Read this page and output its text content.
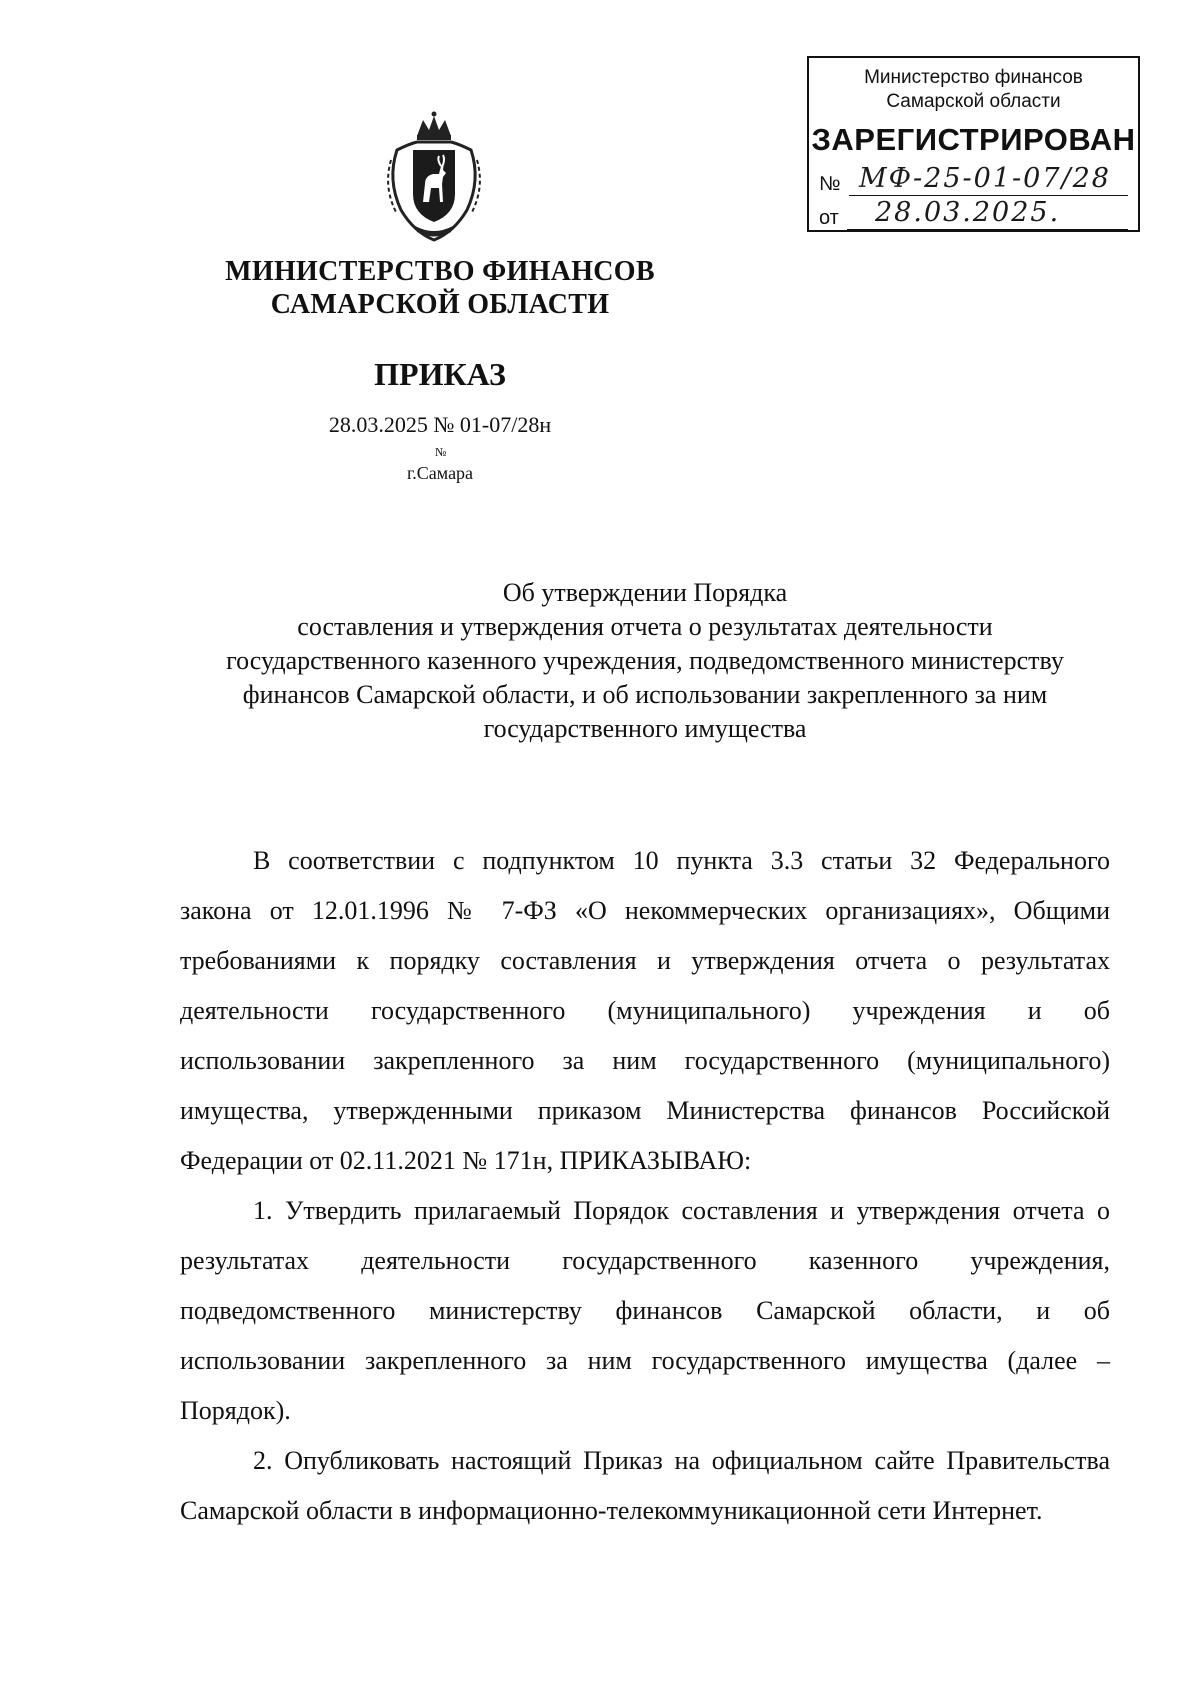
Министерство финансов
Самарской области
ЗАРЕГИСТРИРОВАН
№ МФ-25-01-07/28
от 28.03.2025.
МИНИСТЕРСТВО ФИНАНСОВ
САМАРСКОЙ ОБЛАСТИ
ПРИКАЗ
28.03.2025 № 01-07/28н
№
г.Самара
Об утверждении Порядка
составления и утверждения отчета о результатах деятельности
государственного казенного учреждения, подведомственного министерству
финансов Самарской области, и об использовании закрепленного за ним
государственного имущества
В соответствии с подпунктом 10 пункта 3.3 статьи 32 Федерального
закона от 12.01.1996 № 7-ФЗ «О некоммерческих организациях», Общими
требованиями к порядку составления и утверждения отчета о результатах
деятельности государственного (муниципального) учреждения и об
использовании закрепленного за ним государственного (муниципального)
имущества, утвержденными приказом Министерства финансов Российской
Федерации от 02.11.2021 № 171н, ПРИКАЗЫВАЮ:
1. Утвердить прилагаемый Порядок составления и утверждения отчета о
результатах деятельности государственного казенного учреждения,
подведомственного министерству финансов Самарской области, и об
использовании закрепленного за ним государственного имущества (далее –
Порядок).
2. Опубликовать настоящий Приказ на официальном сайте Правительства
Самарской области в информационно-телекоммуникационной сети Интернет.
